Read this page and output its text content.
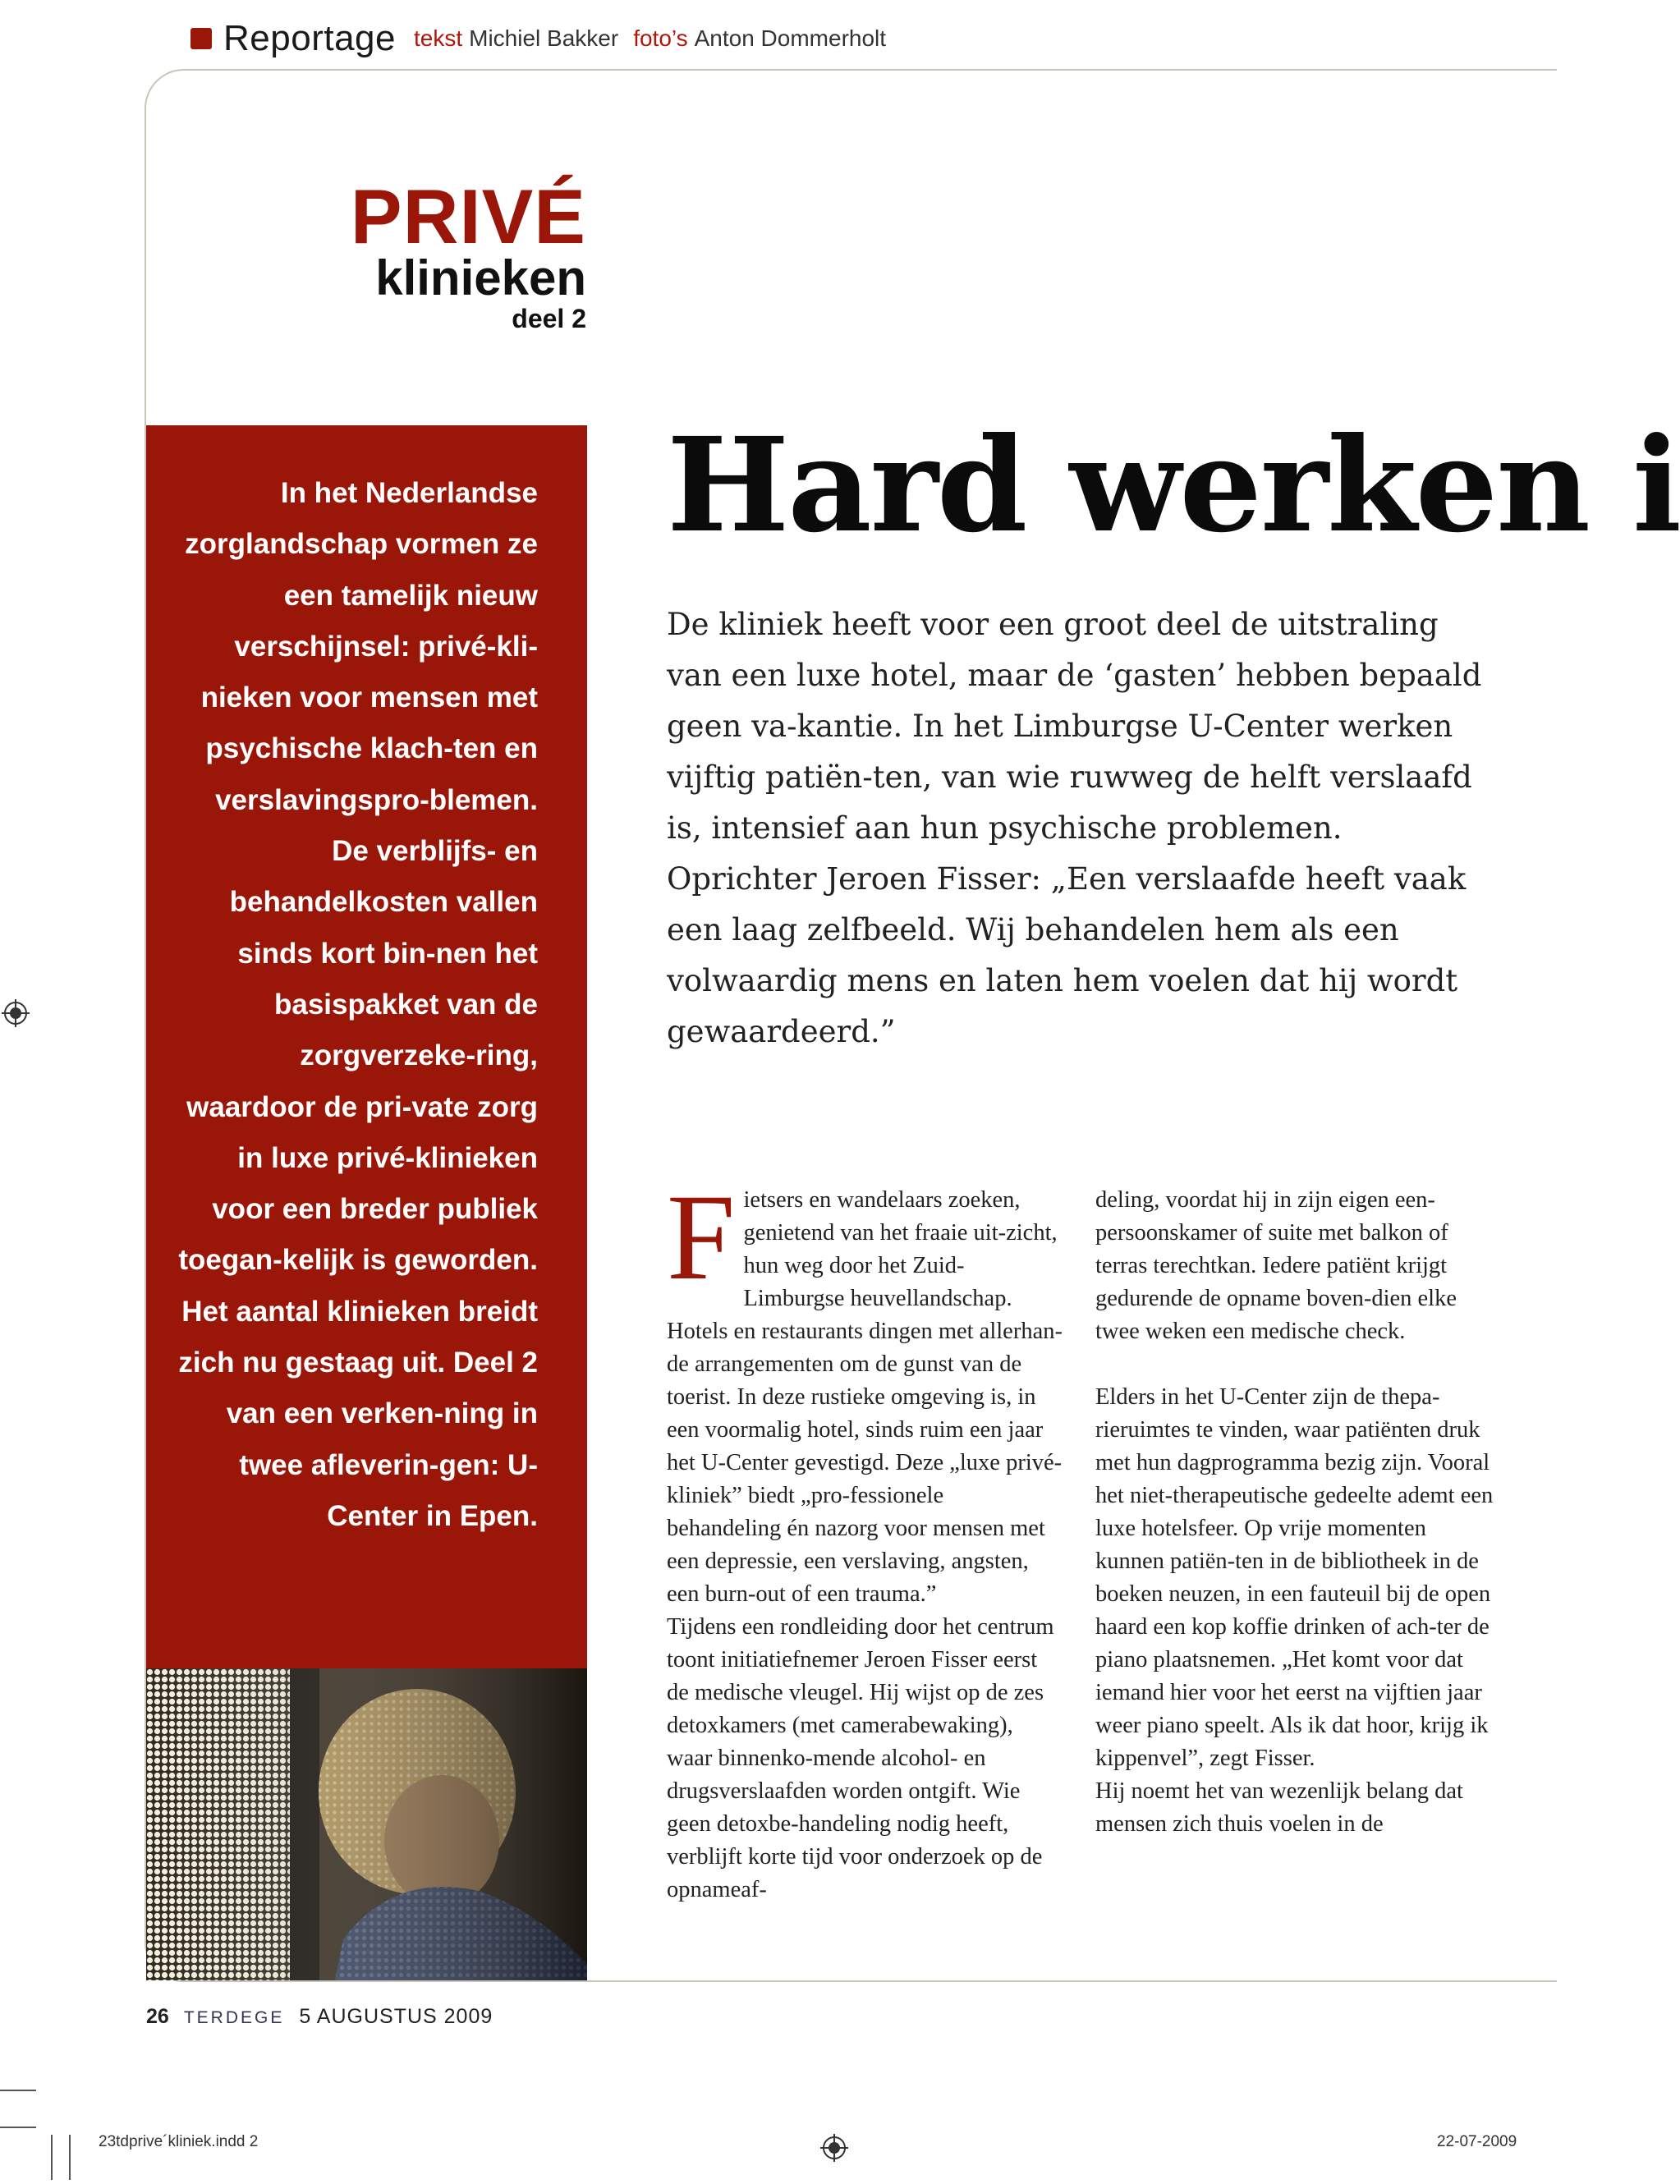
Reportage tekst Michiel Bakker foto’s Anton Dommerholt
PRIVÉ
klinieken
deel 2

In het Nederlandse zorglandschap vormen ze een tamelijk nieuw verschijnsel: privé-kli-nieken voor mensen met psychische klach-ten en verslavingspro-blemen. De verblijfs- en behandelkosten vallen sinds kort bin-nen het basispakket van de zorgverzeke-ring, waardoor de pri-vate zorg in luxe privé-klinieken voor een breder publiek toegan-kelijk is geworden. Het aantal klinieken breidt zich nu gestaag uit. Deel 2 van een verken-ning in twee afleverin-gen: U-Center in Epen.

Hard werken i

De kliniek heeft voor een groot deel de uitstraling van een luxe hotel, maar de ‘gasten’ hebben bepaald geen va-kantie. In het Limburgse U-Center werken vijftig patiën-ten, van wie ruwweg de helft verslaafd is, intensief aan hun psychische problemen. Oprichter Jeroen Fisser: „Een verslaafde heeft vaak een laag zelfbeeld. Wij behandelen hem als een volwaardig mens en laten hem voelen dat hij wordt gewaardeerd.”

F ietsers en wandelaars zoeken, genietend van het fraaie uit-zicht, hun weg door het Zuid-Limburgse heuvellandschap. Hotels en restaurants dingen met allerhan-de arrangementen om de gunst van de toerist. In deze rustieke omgeving is, in een voormalig hotel, sinds ruim een jaar het U-Center gevestigd. Deze „luxe privé-kliniek” biedt „pro-fessionele behandeling én nazorg voor mensen met een depressie, een verslaving, angsten, een burn-out of een trauma.”

Tijdens een rondleiding door het centrum toont initiatiefnemer Jeroen Fisser eerst de medische vleugel. Hij wijst op de zes detoxkamers (met camerabewaking), waar binnenko-mende alcohol- en drugsverslaafden worden ontgift. Wie geen detoxbe-handeling nodig heeft, verblijft korte tijd voor onderzoek op de opnameaf-

deling, voordat hij in zijn eigen een-persoonskamer of suite met balkon of terras terechtkan. Iedere patiënt krijgt gedurende de opname boven-dien elke twee weken een medische check.

Elders in het U-Center zijn de thepa-rieruimtes te vinden, waar patiënten druk met hun dagprogramma bezig zijn. Vooral het niet-therapeutische gedeelte ademt een luxe hotelsfeer. Op vrije momenten kunnen patiën-ten in de bibliotheek in de boeken neuzen, in een fauteuil bij de open haard een kop koffie drinken of ach-ter de piano plaatsnemen. „Het komt voor dat iemand hier voor het eerst na vijftien jaar weer piano speelt. Als ik dat hoor, krijg ik kippenvel”, zegt Fisser.

Hij noemt het van wezenlijk belang dat mensen zich thuis voelen in de

26 TERDEGE 5 AUGUSTUS 2009
23tdprive´kliniek.indd 2	22-07-2009
